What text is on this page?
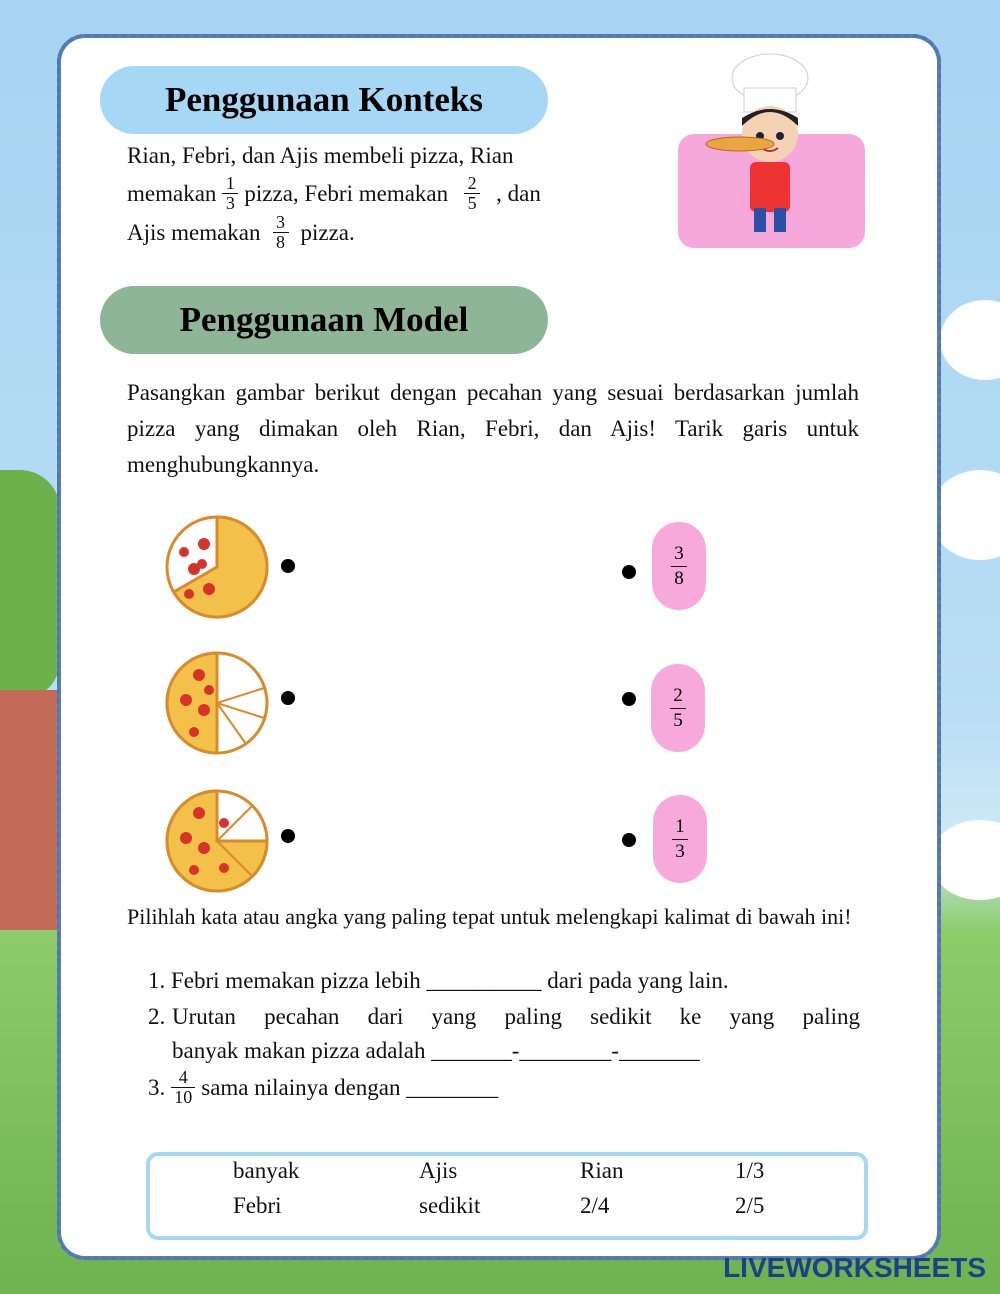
Penggunaan Konteks
Rian, Febri, dan Ajis membeli pizza, Rian
memakan $\frac{1}{3}$ pizza, Febri memakan $\frac{2}{5}$ , dan
Ajis memakan $\frac{3}{8}$ pizza.
Penggunaan Model
Pasangkan gambar berikut dengan pecahan yang sesuai berdasarkan jumlah pizza yang dimakan oleh Rian, Febri, dan Ajis! Tarik garis untuk menghubungkannya.
3
8
2
5
1
3
Pilihlah kata atau angka yang paling tepat untuk melengkapi kalimat di bawah ini!
1. Febri memakan pizza lebih __________ dari pada yang lain.
2. Urutan pecahan dari yang paling sedikit ke yang paling
banyak makan pizza adalah _______-________-_______
3. $\frac{4}{10}$ sama nilainya dengan ________
banyak	Ajis	Rian	1/3
Febri	sedikit	2/4	2/5
LIVEWORKSHEETS
